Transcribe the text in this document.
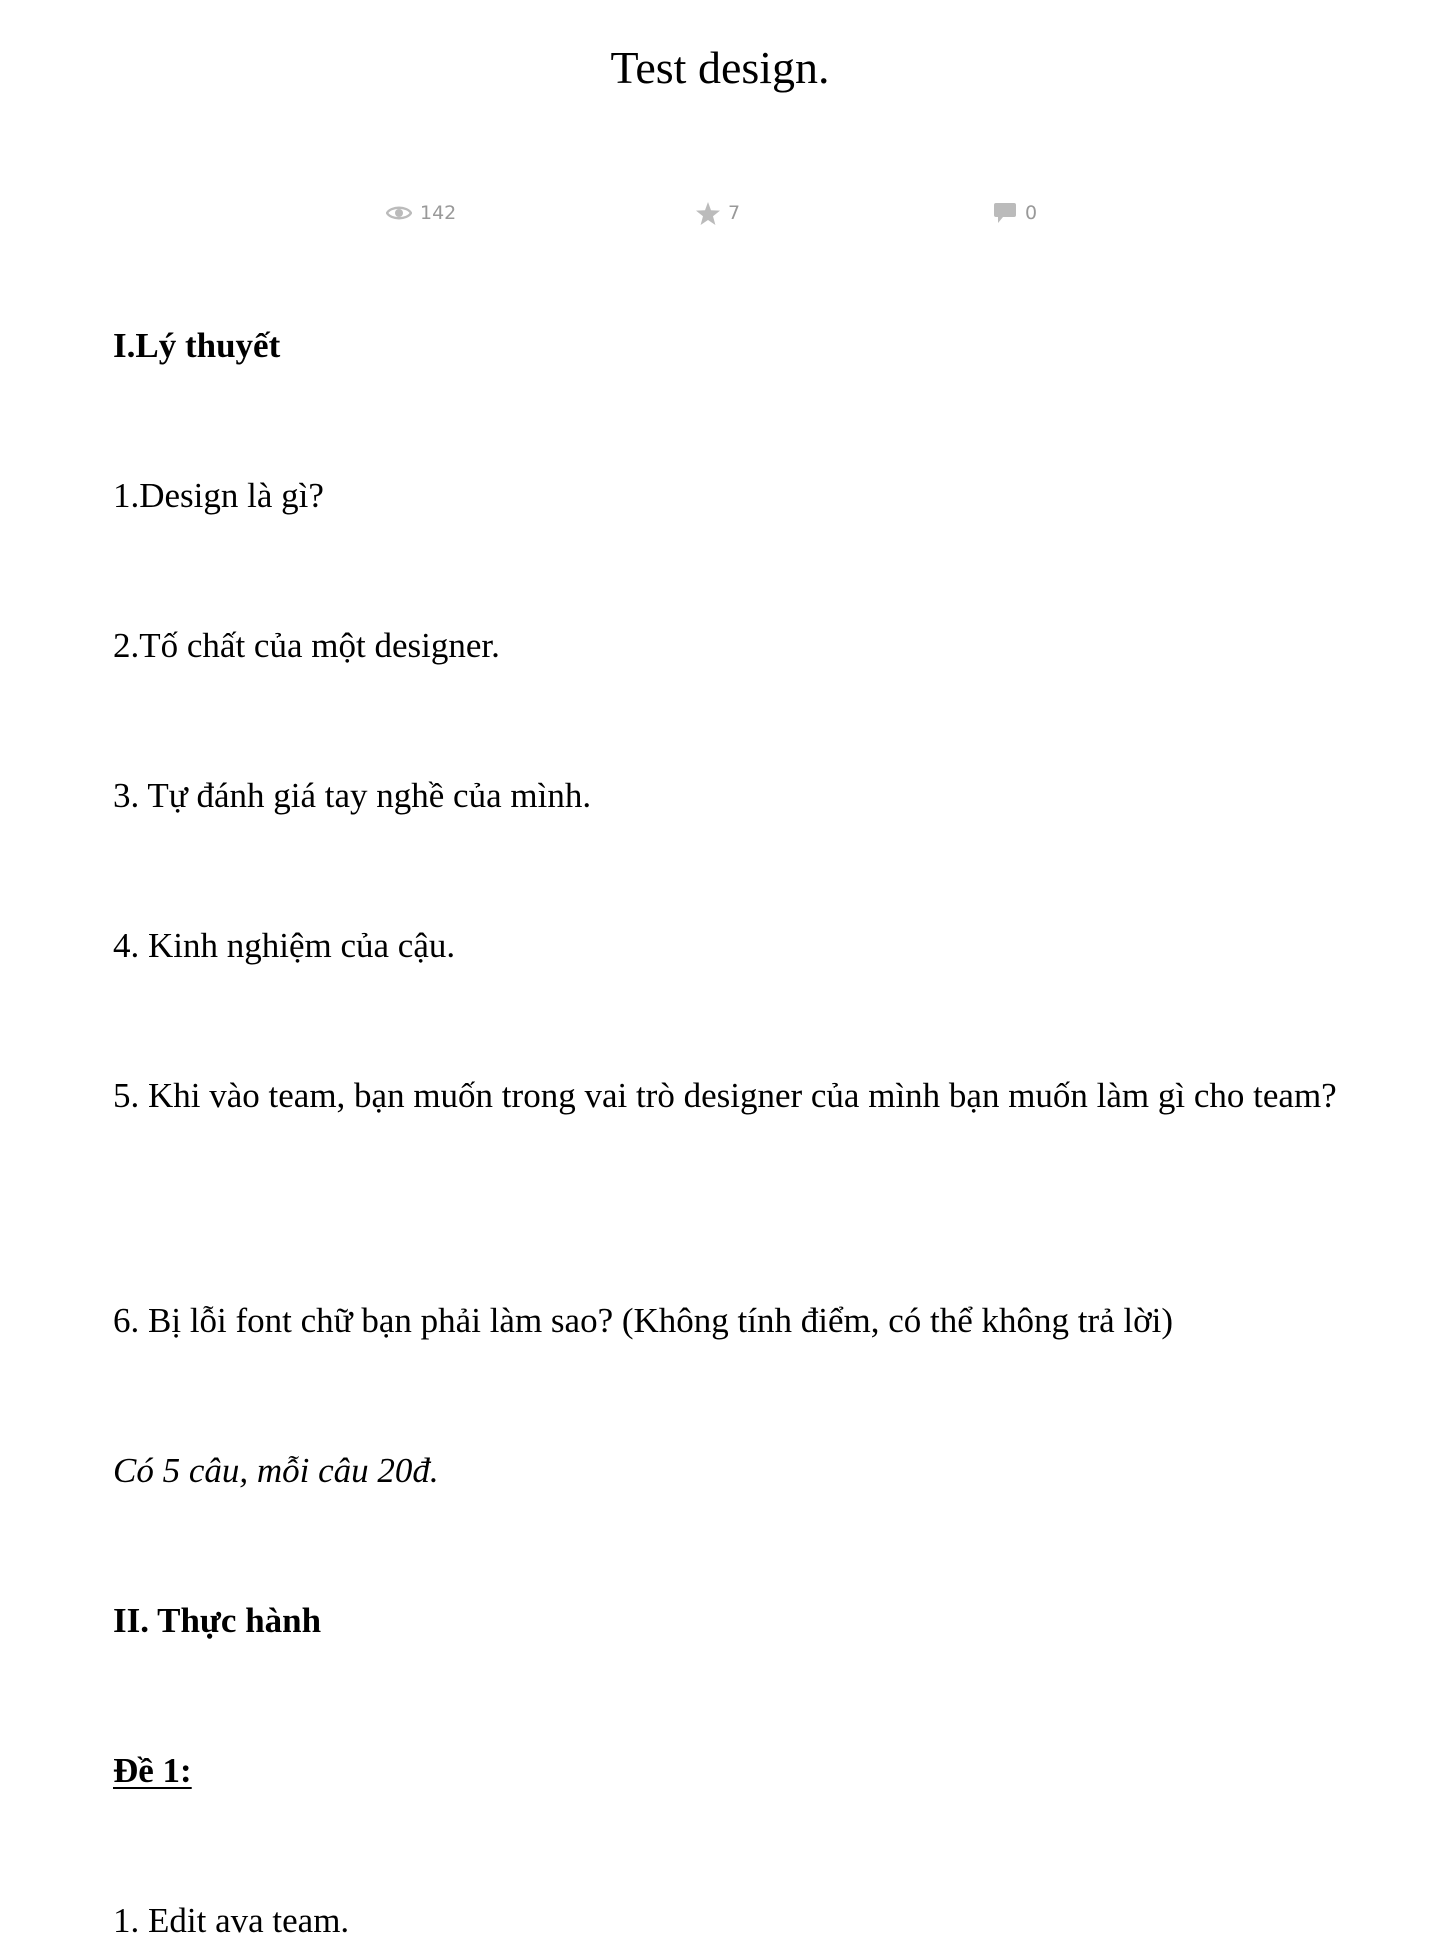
Test design.
142	7	0

I.Lý thuyết

1.Design là gì?

2.Tố chất của một designer.

3. Tự đánh giá tay nghề của mình.

4. Kinh nghiệm của cậu.

5. Khi vào team, bạn muốn trong vai trò designer của mình bạn muốn làm gì cho team?

6. Bị lỗi font chữ bạn phải làm sao? (Không tính điểm, có thể không trả lời)

Có 5 câu, mỗi câu 20đ.

II. Thực hành

Đề 1:

1. Edit ava team.
